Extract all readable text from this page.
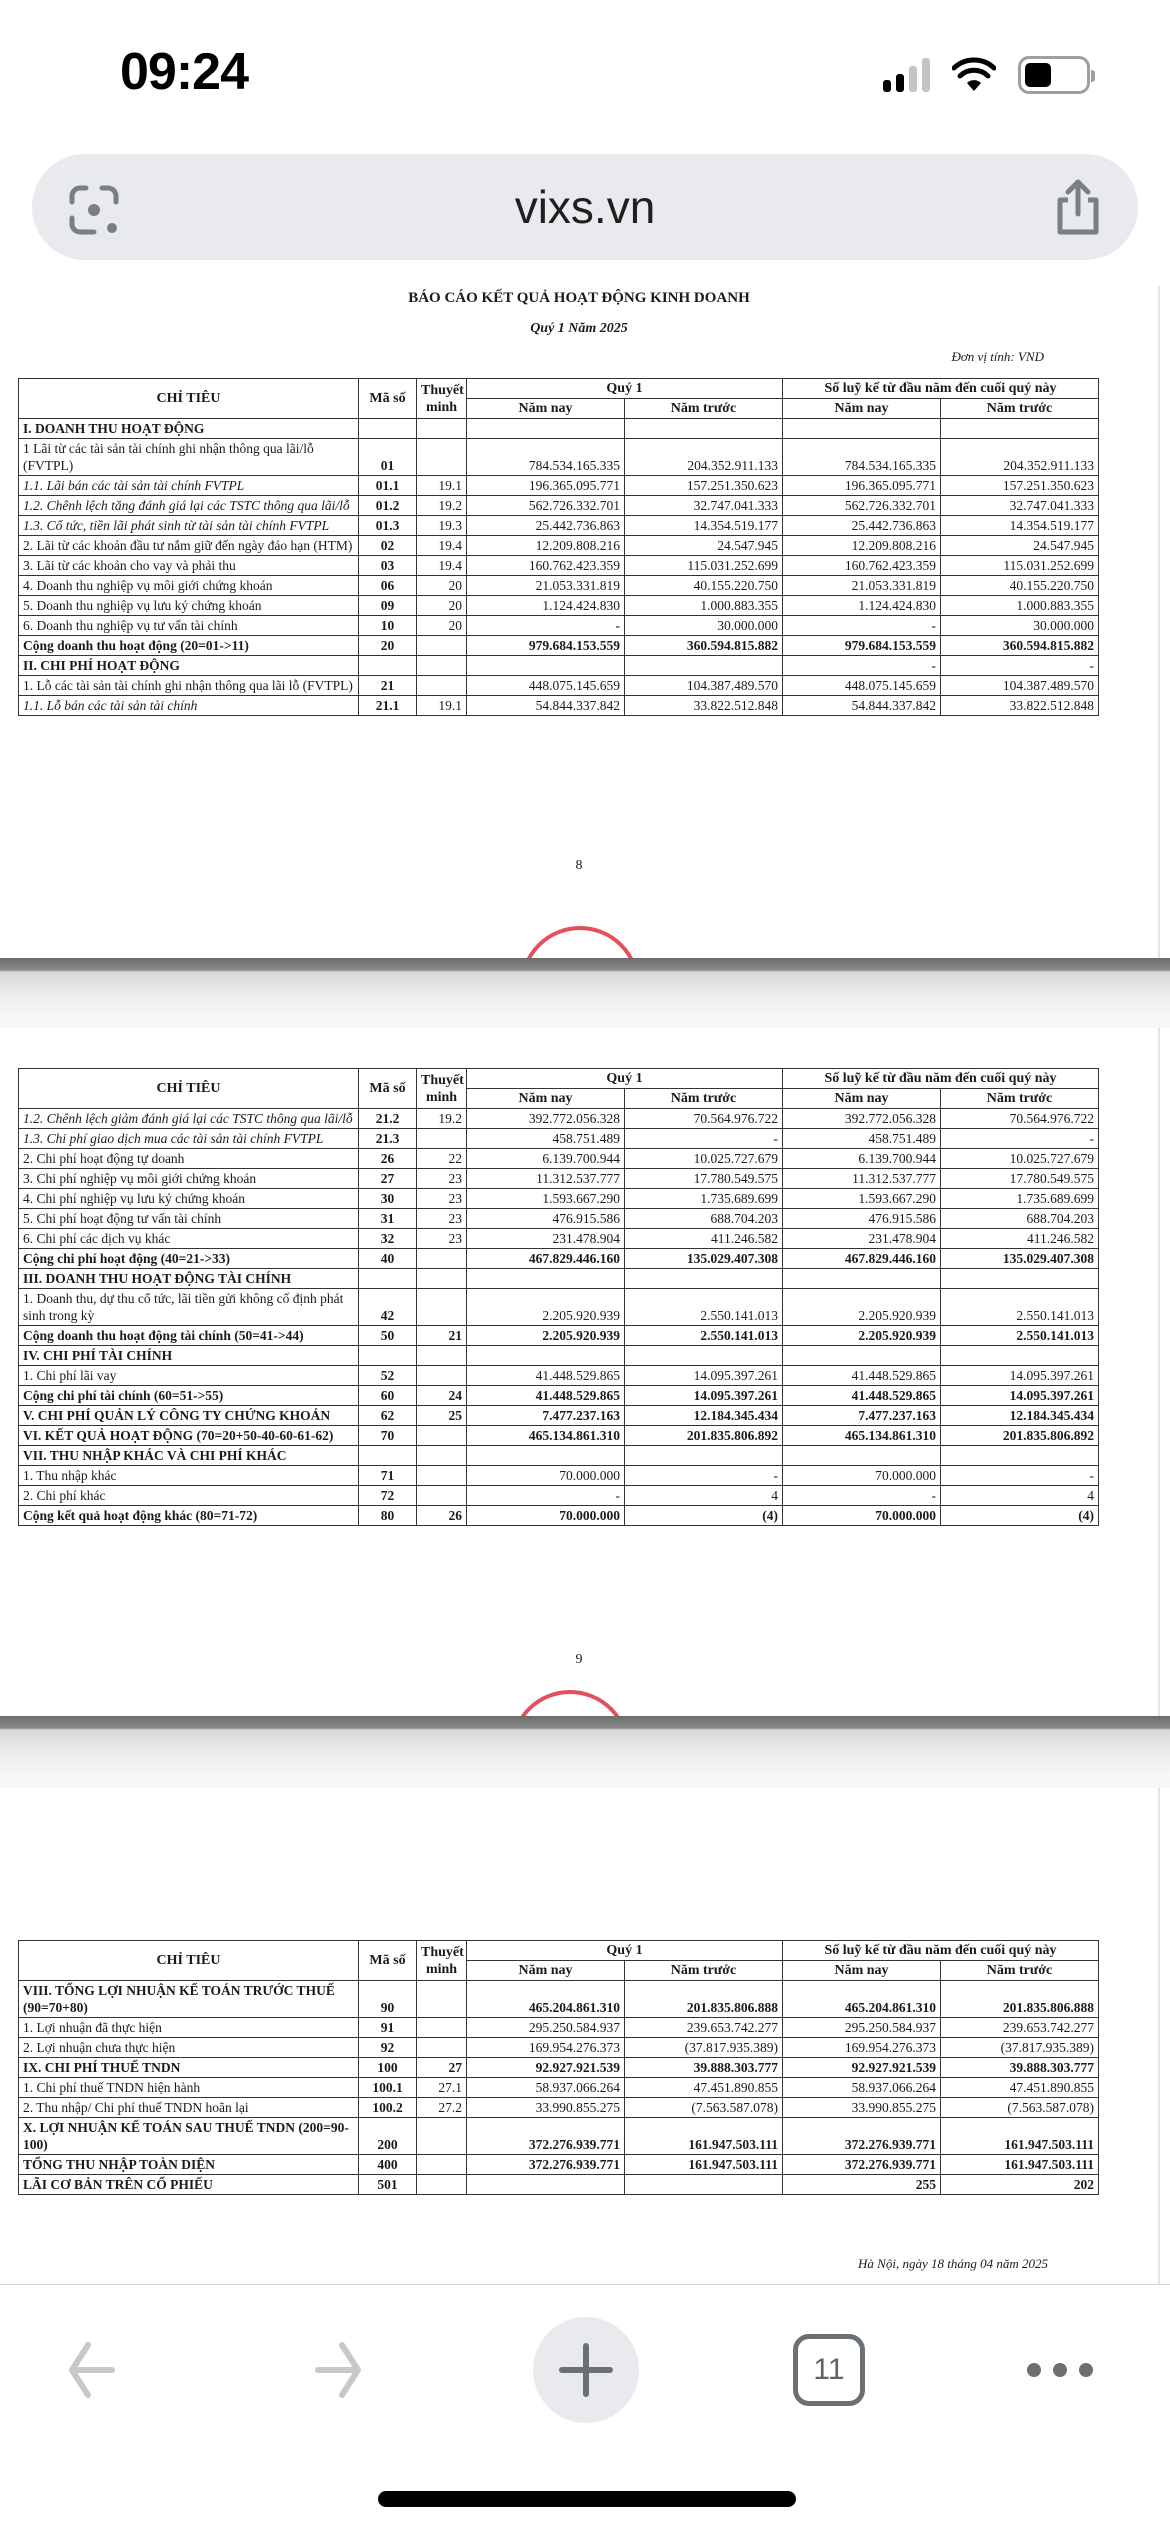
09:24
vixs.vn
BÁO CÁO KẾT QUẢ HOẠT ĐỘNG KINH DOANH
Quý 1 Năm 2025
Đơn vị tính: VND
CHỈ TIÊU	Mã số	Thuyết minh	Quý 1		Số luỹ kế từ đầu năm đến cuối quý này	
			Năm nay	Năm trước	Năm nay	Năm trước
I. DOANH THU HOẠT ĐỘNG						
1 Lãi từ các tài sản tài chính ghi nhận thông qua lãi/lỗ (FVTPL)	01		784.534.165.335	204.352.911.133	784.534.165.335	204.352.911.133
1.1. Lãi bán các tài sản tài chính FVTPL	01.1	19.1	196.365.095.771	157.251.350.623	196.365.095.771	157.251.350.623
1.2. Chênh lệch tăng đánh giá lại các TSTC thông qua lãi/lỗ	01.2	19.2	562.726.332.701	32.747.041.333	562.726.332.701	32.747.041.333
1.3. Cổ tức, tiền lãi phát sinh từ tài sản tài chính FVTPL	01.3	19.3	25.442.736.863	14.354.519.177	25.442.736.863	14.354.519.177
2. Lãi từ các khoản đầu tư nắm giữ đến ngày đáo hạn (HTM)	02	19.4	12.209.808.216	24.547.945	12.209.808.216	24.547.945
3. Lãi từ các khoản cho vay và phải thu	03	19.4	160.762.423.359	115.031.252.699	160.762.423.359	115.031.252.699
4. Doanh thu nghiệp vụ môi giới chứng khoán	06	20	21.053.331.819	40.155.220.750	21.053.331.819	40.155.220.750
5. Doanh thu nghiệp vụ lưu ký chứng khoán	09	20	1.124.424.830	1.000.883.355	1.124.424.830	1.000.883.355
6. Doanh thu nghiệp vụ tư vấn tài chính	10	20	-	30.000.000	-	30.000.000
Cộng doanh thu hoạt động (20=01->11)	20		979.684.153.559	360.594.815.882	979.684.153.559	360.594.815.882
II. CHI PHÍ HOẠT ĐỘNG					-	-
1. Lỗ các tài sản tài chính ghi nhận thông qua lãi lỗ (FVTPL)	21		448.075.145.659	104.387.489.570	448.075.145.659	104.387.489.570
1.1. Lỗ bán các tài sản tài chính	21.1	19.1	54.844.337.842	33.822.512.848	54.844.337.842	33.822.512.848
8
CHỈ TIÊU	Mã số	Thuyết minh	Quý 1		Số luỹ kế từ đầu năm đến cuối quý này	
			Năm nay	Năm trước	Năm nay	Năm trước
1.2. Chênh lệch giảm đánh giá lại các TSTC thông qua lãi/lỗ	21.2	19.2	392.772.056.328	70.564.976.722	392.772.056.328	70.564.976.722
1.3. Chi phí giao dịch mua các tài sản tài chính FVTPL	21.3		458.751.489	-	458.751.489	-
2. Chi phí hoạt động tự doanh	26	22	6.139.700.944	10.025.727.679	6.139.700.944	10.025.727.679
3. Chi phí nghiệp vụ môi giới chứng khoán	27	23	11.312.537.777	17.780.549.575	11.312.537.777	17.780.549.575
4. Chi phí nghiệp vụ lưu ký chứng khoán	30	23	1.593.667.290	1.735.689.699	1.593.667.290	1.735.689.699
5. Chi phí hoạt động tư vấn tài chính	31	23	476.915.586	688.704.203	476.915.586	688.704.203
6. Chi phí các dịch vụ khác	32	23	231.478.904	411.246.582	231.478.904	411.246.582
Cộng chi phí hoạt động (40=21->33)	40		467.829.446.160	135.029.407.308	467.829.446.160	135.029.407.308
III. DOANH THU HOẠT ĐỘNG TÀI CHÍNH						
1. Doanh thu, dự thu cổ tức, lãi tiền gửi không cố định phát sinh trong kỳ	42		2.205.920.939	2.550.141.013	2.205.920.939	2.550.141.013
Cộng doanh thu hoạt động tài chính (50=41->44)	50	21	2.205.920.939	2.550.141.013	2.205.920.939	2.550.141.013
IV. CHI PHÍ TÀI CHÍNH						
1. Chi phí lãi vay	52		41.448.529.865	14.095.397.261	41.448.529.865	14.095.397.261
Cộng chi phí tài chính (60=51->55)	60	24	41.448.529.865	14.095.397.261	41.448.529.865	14.095.397.261
V. CHI PHÍ QUẢN LÝ CÔNG TY CHỨNG KHOÁN	62	25	7.477.237.163	12.184.345.434	7.477.237.163	12.184.345.434
VI. KẾT QUẢ HOẠT ĐỘNG (70=20+50-40-60-61-62)	70		465.134.861.310	201.835.806.892	465.134.861.310	201.835.806.892
VII. THU NHẬP KHÁC VÀ CHI PHÍ KHÁC						
1. Thu nhập khác	71		70.000.000	-	70.000.000	-
2. Chi phí khác	72		-	4	-	4
Cộng kết quả hoạt động khác (80=71-72)	80	26	70.000.000	(4)	70.000.000	(4)
9
CHỈ TIÊU	Mã số	Thuyết minh	Quý 1		Số luỹ kế từ đầu năm đến cuối quý này	
			Năm nay	Năm trước	Năm nay	Năm trước
VIII. TỔNG LỢI NHUẬN KẾ TOÁN TRƯỚC THUẾ (90=70+80)	90		465.204.861.310	201.835.806.888	465.204.861.310	201.835.806.888
1. Lợi nhuận đã thực hiện	91		295.250.584.937	239.653.742.277	295.250.584.937	239.653.742.277
2. Lợi nhuận chưa thực hiện	92		169.954.276.373	(37.817.935.389)	169.954.276.373	(37.817.935.389)
IX. CHI PHÍ THUẾ TNDN	100	27	92.927.921.539	39.888.303.777	92.927.921.539	39.888.303.777
1. Chi phí thuế TNDN hiện hành	100.1	27.1	58.937.066.264	47.451.890.855	58.937.066.264	47.451.890.855
2. Thu nhập/ Chi phí thuế TNDN hoãn lại	100.2	27.2	33.990.855.275	(7.563.587.078)	33.990.855.275	(7.563.587.078)
X. LỢI NHUẬN KẾ TOÁN SAU THUẾ TNDN (200=90-100)	200		372.276.939.771	161.947.503.111	372.276.939.771	161.947.503.111
TỔNG THU NHẬP TOÀN DIỆN	400		372.276.939.771	161.947.503.111	372.276.939.771	161.947.503.111
LÃI CƠ BẢN TRÊN CỔ PHIẾU	501				255	202
Hà Nội, ngày 18 tháng 04 năm 2025
11
